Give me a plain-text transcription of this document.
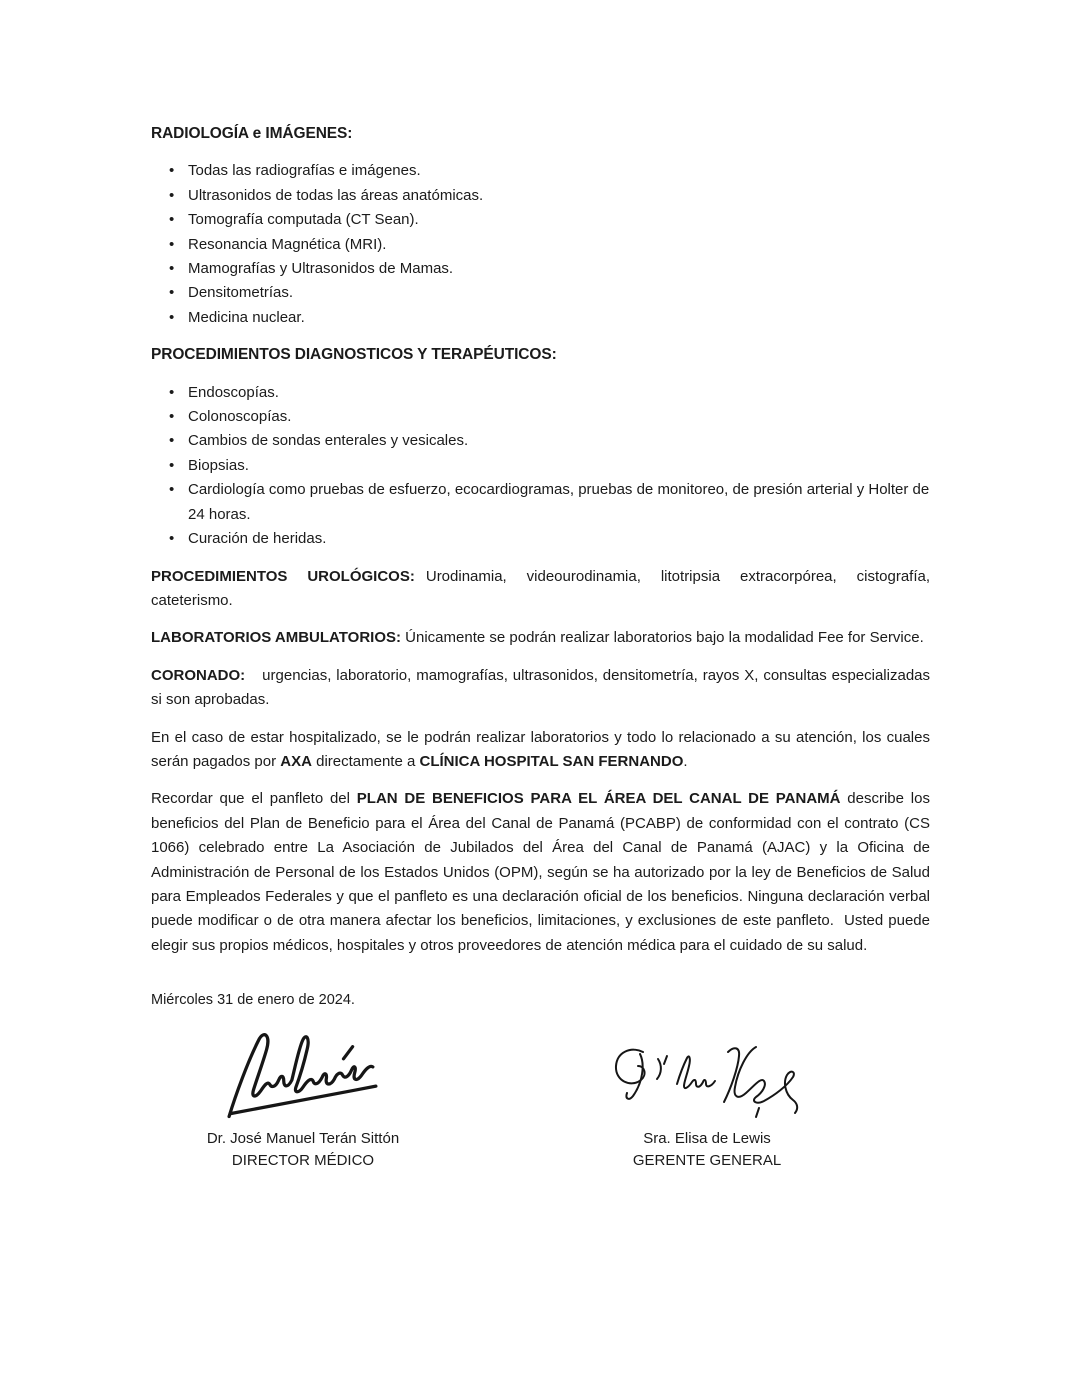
RADIOLOGÍA e IMÁGENES:
• Todas las radiografías e imágenes.
• Ultrasonidos de todas las áreas anatómicas.
• Tomografía computada (CT Sean).
• Resonancia Magnética (MRI).
• Mamografías y Ultrasonidos de Mamas.
• Densitometrías.
• Medicina nuclear.
PROCEDIMIENTOS DIAGNOSTICOS Y TERAPÉUTICOS:
• Endoscopías.
• Colonoscopías.
• Cambios de sondas enterales y vesicales.
• Biopsias.
• Cardiología como pruebas de esfuerzo, ecocardiogramas, pruebas de monitoreo, de presión arterial y Holter de 24 horas.
• Curación de heridas.

PROCEDIMIENTOS UROLÓGICOS: Urodinamia, videourodinamia, litotripsia extracorpórea, cistografía, cateterismo.

LABORATORIOS AMBULATORIOS: Únicamente se podrán realizar laboratorios bajo la modalidad Fee for Service.

CORONADO: urgencias, laboratorio, mamografías, ultrasonidos, densitometría, rayos X, consultas especializadas si son aprobadas.

En el caso de estar hospitalizado, se le podrán realizar laboratorios y todo lo relacionado a su atención, los cuales serán pagados por AXA directamente a CLÍNICA HOSPITAL SAN FERNANDO.

Recordar que el panfleto del PLAN DE BENEFICIOS PARA EL ÁREA DEL CANAL DE PANAMÁ describe los beneficios del Plan de Beneficio para el Área del Canal de Panamá (PCABP) de conformidad con el contrato (CS 1066) celebrado entre La Asociación de Jubilados del Área del Canal de Panamá (AJAC) y la Oficina de Administración de Personal de los Estados Unidos (OPM), según se ha autorizado por la ley de Beneficios de Salud para Empleados Federales y que el panfleto es una declaración oficial de los beneficios. Ninguna declaración verbal puede modificar o de otra manera afectar los beneficios, limitaciones, y exclusiones de este panfleto.  Usted puede elegir sus propios médicos, hospitales y otros proveedores de atención médica para el cuidado de su salud.

Miércoles 31 de enero de 2024.

Dr. José Manuel Terán Sittón
DIRECTOR MÉDICO
Sra. Elisa de Lewis
GERENTE GENERAL
